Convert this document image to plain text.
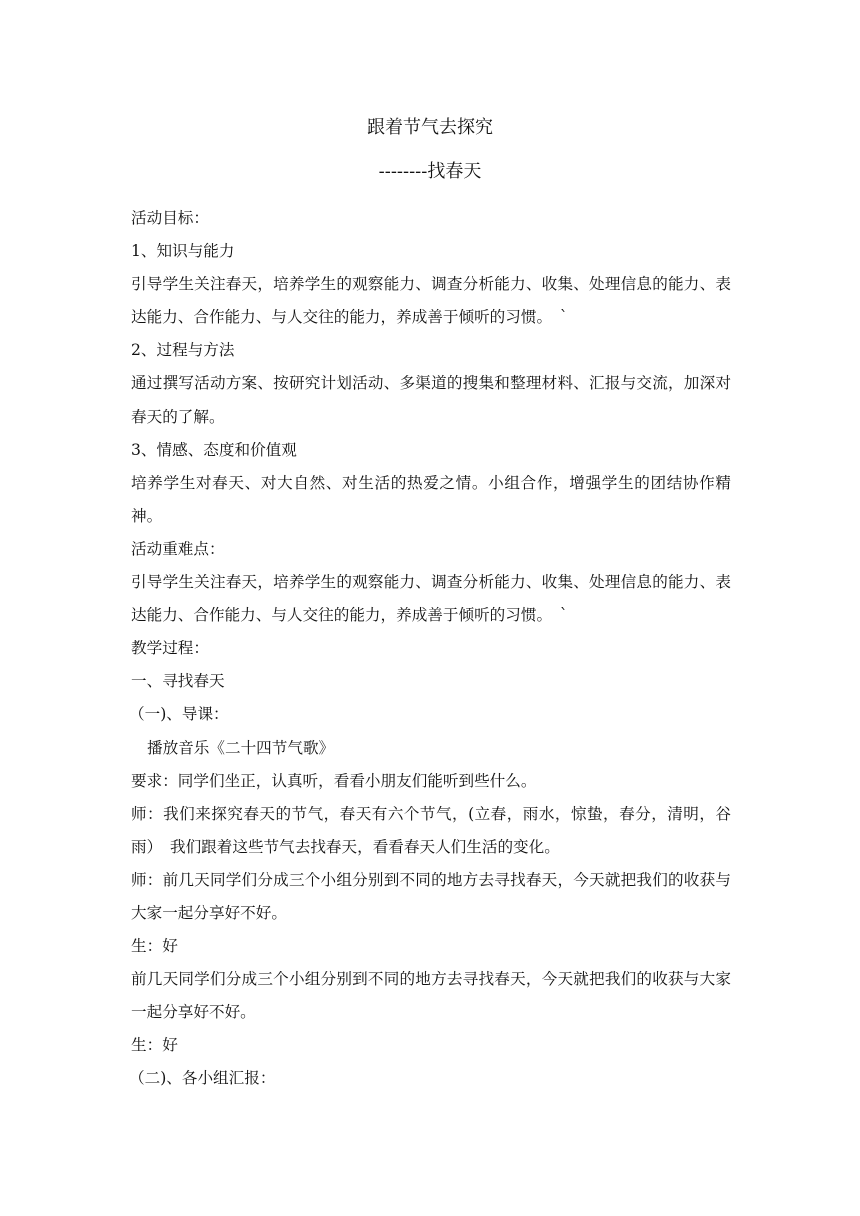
跟着节气去探究
--------找春天

活动目标：

1、知识与能力

引导学生关注春天，培养学生的观察能力、调查分析能力、收集、处理信息的能力、表达能力、合作能力、与人交往的能力，养成善于倾听的习惯。　`

2、过程与方法

通过撰写活动方案、按研究计划活动、多渠道的搜集和整理材料、汇报与交流，加深对春天的了解。

3、情感、态度和价值观

培养学生对春天、对大自然、对生活的热爱之情。小组合作，增强学生的团结协作精神。

活动重难点：

引导学生关注春天，培养学生的观察能力、调查分析能力、收集、处理信息的能力、表达能力、合作能力、与人交往的能力，养成善于倾听的习惯。　`

教学过程：

一、寻找春天

（一)、导课：

播放音乐《二十四节气歌》

要求：同学们坐正，认真听，看看小朋友们能听到些什么。

师：我们来探究春天的节气，春天有六个节气，(立春，雨水，惊蛰，春分，清明，谷雨）　我们跟着这些节气去找春天，看看春天人们生活的变化。

师：前几天同学们分成三个小组分别到不同的地方去寻找春天，今天就把我们的收获与大家一起分享好不好。

生：好

前几天同学们分成三个小组分别到不同的地方去寻找春天，今天就把我们的收获与大家一起分享好不好。

生：好

（二)、各小组汇报：
